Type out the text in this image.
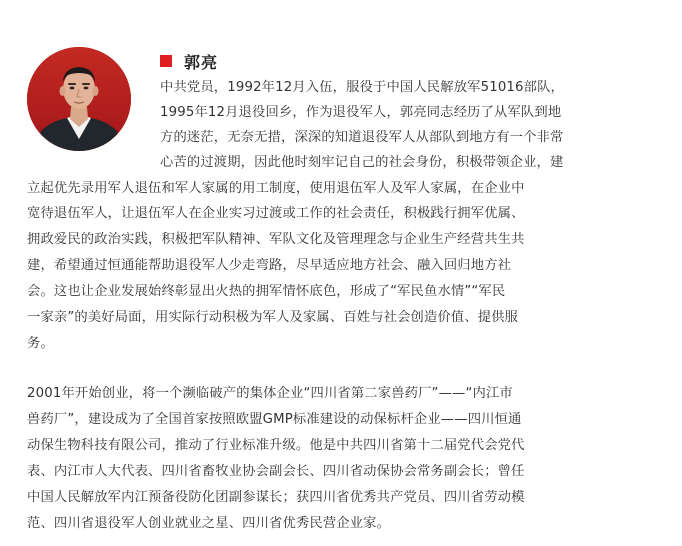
郭亮
中共党员，1992年12月入伍，服役于中国人民解放军51016部队，
1995年12月退役回乡，作为退役军人，郭亮同志经历了从军队到地
方的迷茫，无奈无措，深深的知道退役军人从部队到地方有一个非常
心苦的过渡期，因此他时刻牢记自己的社会身份，积极带领企业，建
立起优先录用军人退伍和军人家属的用工制度，使用退伍军人及军人家属，在企业中
宽待退伍军人，让退伍军人在企业实习过渡或工作的社会责任，积极践行拥军优属、
拥政爱民的政治实践，积极把军队精神、军队文化及管理理念与企业生产经营共生共
建，希望通过恒通能帮助退役军人少走弯路，尽早适应地方社会、融入回归地方社
会。这也让企业发展始终彰显出火热的拥军情怀底色，形成了“军民鱼水情”“军民
一家亲”的美好局面，用实际行动积极为军人及家属、百姓与社会创造价值、提供服
务。
2001年开始创业，将一个濒临破产的集体企业“四川省第二家兽药厂”——“内江市
兽药厂”，建设成为了全国首家按照欧盟GMP标准建设的动保标杆企业——四川恒通
动保生物科技有限公司，推动了行业标准升级。他是中共四川省第十二届党代会党代
表、内江市人大代表、四川省畜牧业协会副会长、四川省动保协会常务副会长；曾任
中国人民解放军内江预备役防化团副参谋长；获四川省优秀共产党员、四川省劳动模
范、四川省退役军人创业就业之星、四川省优秀民营企业家。
